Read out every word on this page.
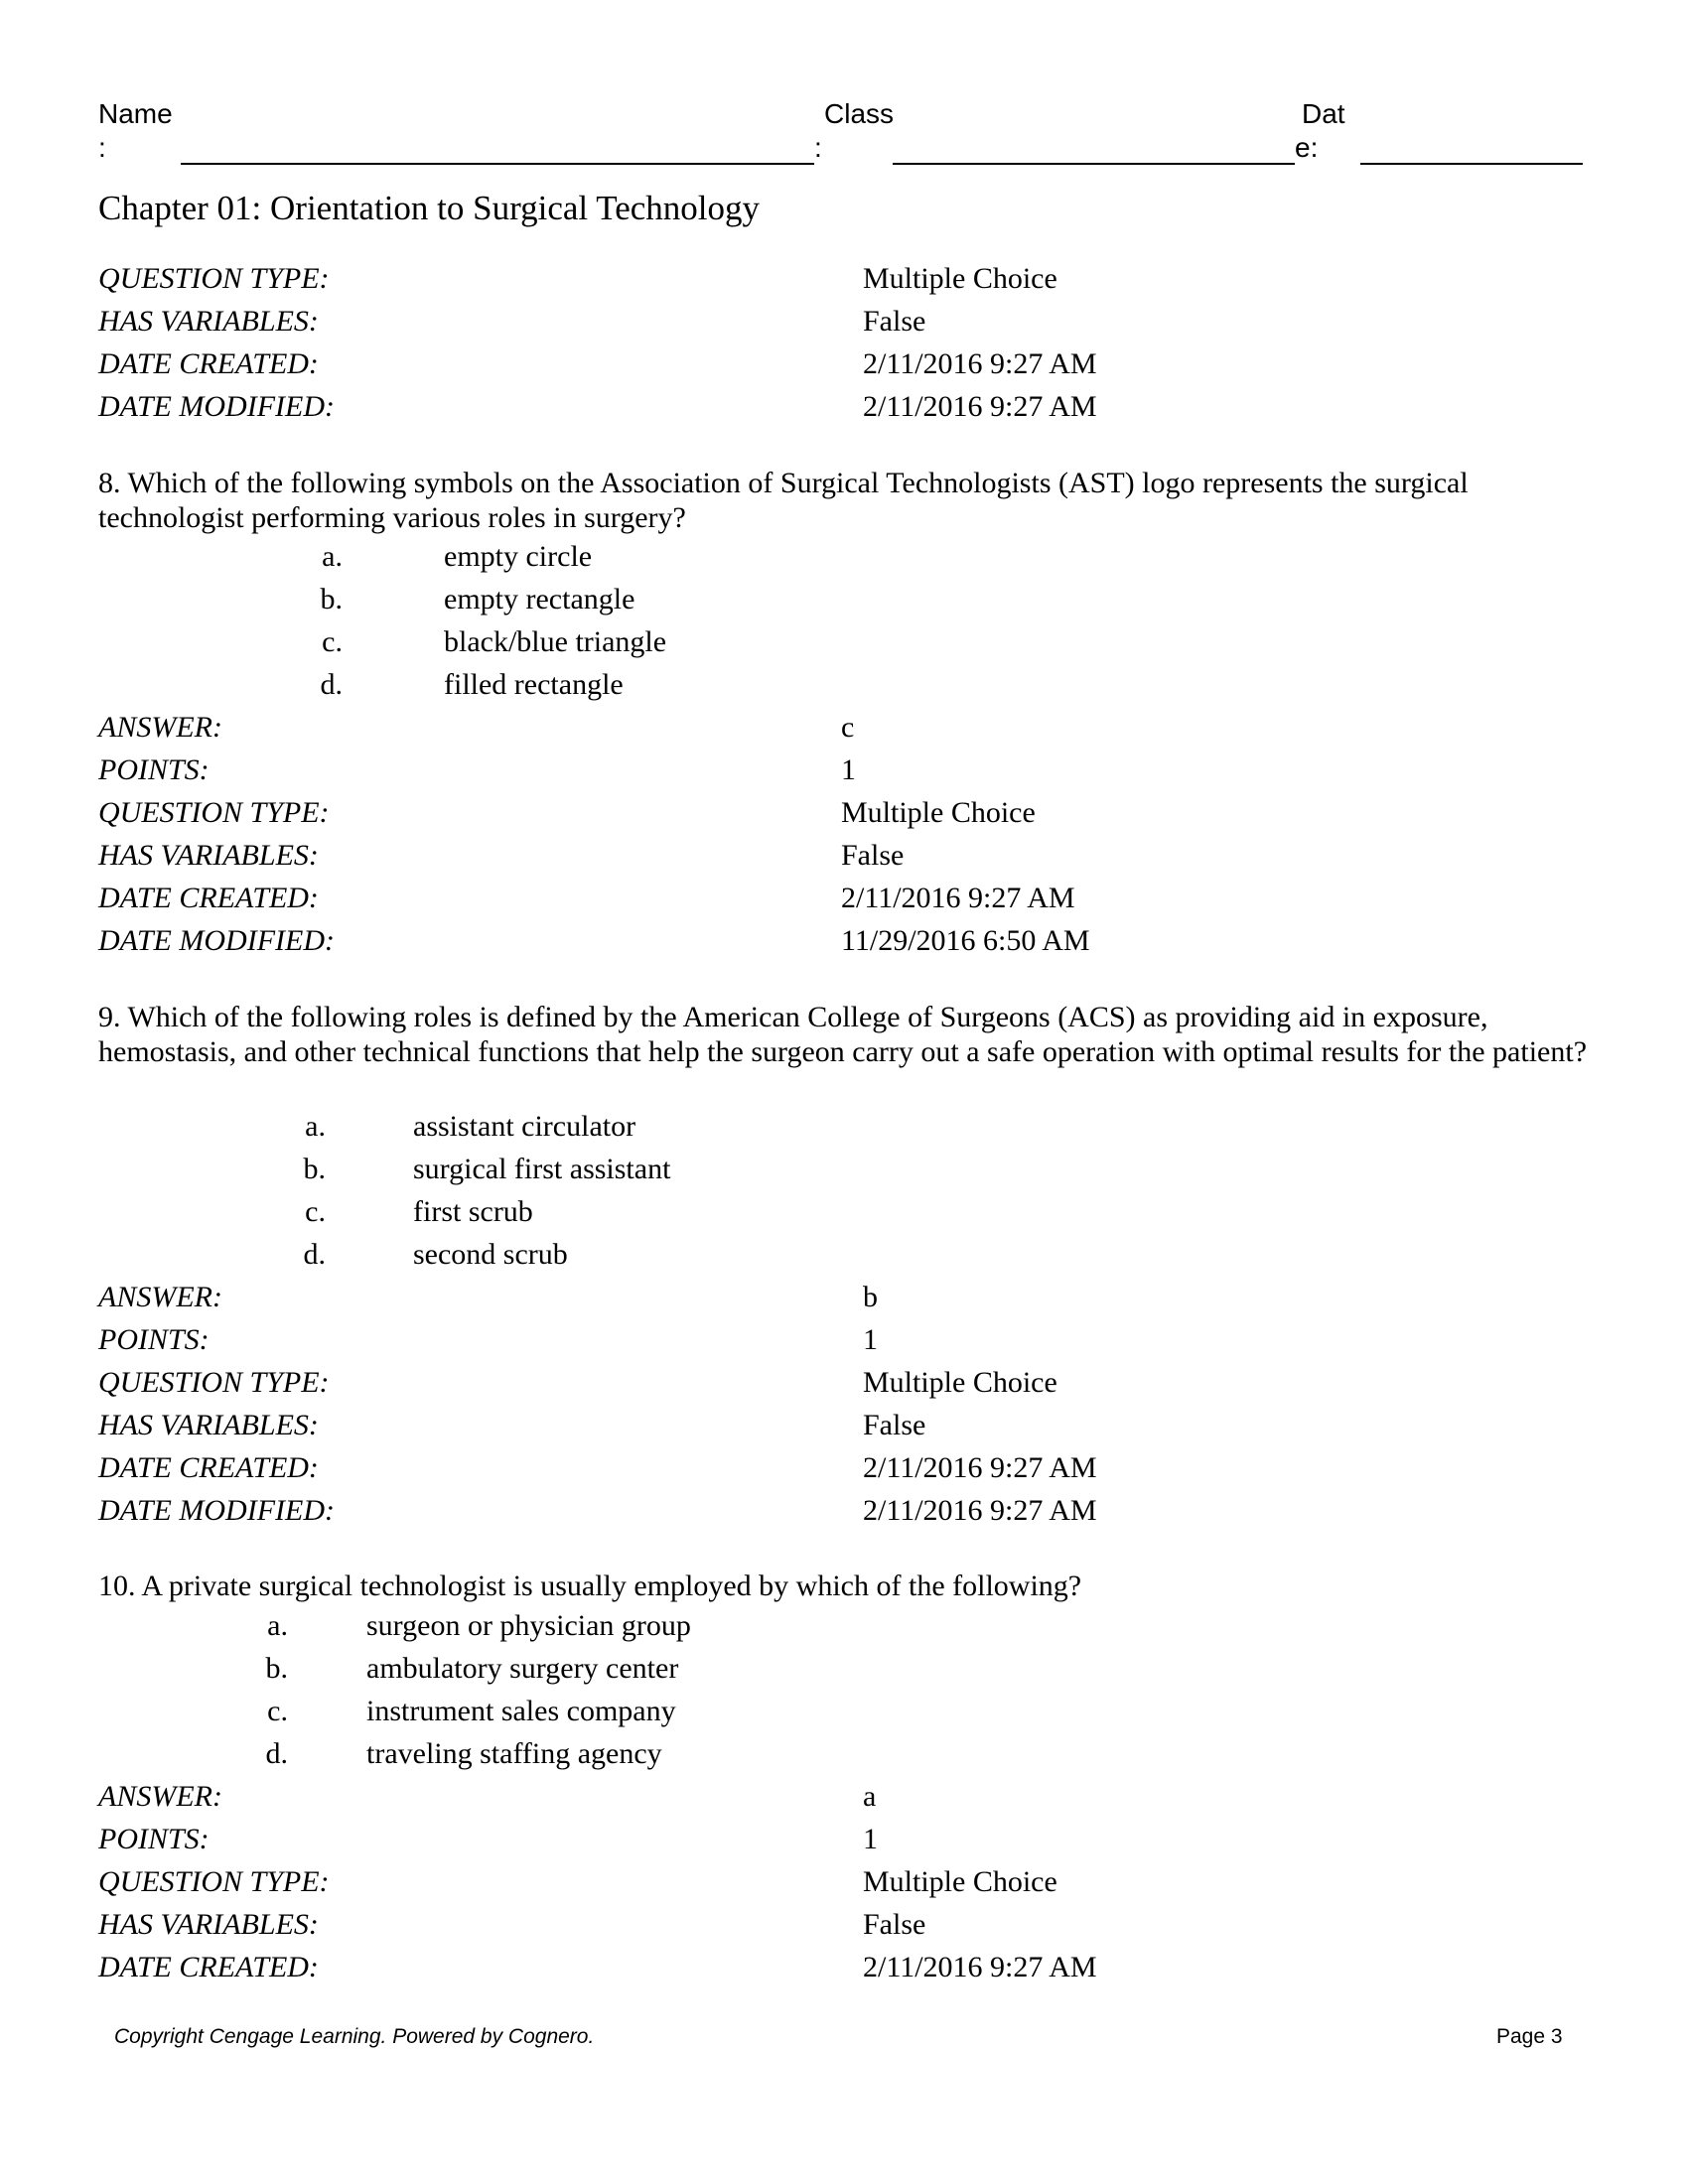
Name
:
Class
:
Dat
e:
Chapter 01: Orientation to Surgical Technology
QUESTION TYPE:	Multiple Choice
HAS VARIABLES:	False
DATE CREATED:	2/11/2016 9:27 AM
DATE MODIFIED:	2/11/2016 9:27 AM
8. Which of the following symbols on the Association of Surgical Technologists (AST) logo represents the surgical technologist performing various roles in surgery?
a.	empty circle
b.	empty rectangle
c.	black/blue triangle
d.	filled rectangle
ANSWER:	c
POINTS:	1
QUESTION TYPE:	Multiple Choice
HAS VARIABLES:	False
DATE CREATED:	2/11/2016 9:27 AM
DATE MODIFIED:	11/29/2016 6:50 AM
9. Which of the following roles is defined by the American College of Surgeons (ACS) as providing aid in exposure, hemostasis, and other technical functions that help the surgeon carry out a safe operation with optimal results for the patient?
a.	assistant circulator
b.	surgical first assistant
c.	first scrub
d.	second scrub
ANSWER:	b
POINTS:	1
QUESTION TYPE:	Multiple Choice
HAS VARIABLES:	False
DATE CREATED:	2/11/2016 9:27 AM
DATE MODIFIED:	2/11/2016 9:27 AM
10. A private surgical technologist is usually employed by which of the following?
a.	surgeon or physician group
b.	ambulatory surgery center
c.	instrument sales company
d.	traveling staffing agency
ANSWER:	a
POINTS:	1
QUESTION TYPE:	Multiple Choice
HAS VARIABLES:	False
DATE CREATED:	2/11/2016 9:27 AM
Copyright Cengage Learning. Powered by Cognero.	Page 3
